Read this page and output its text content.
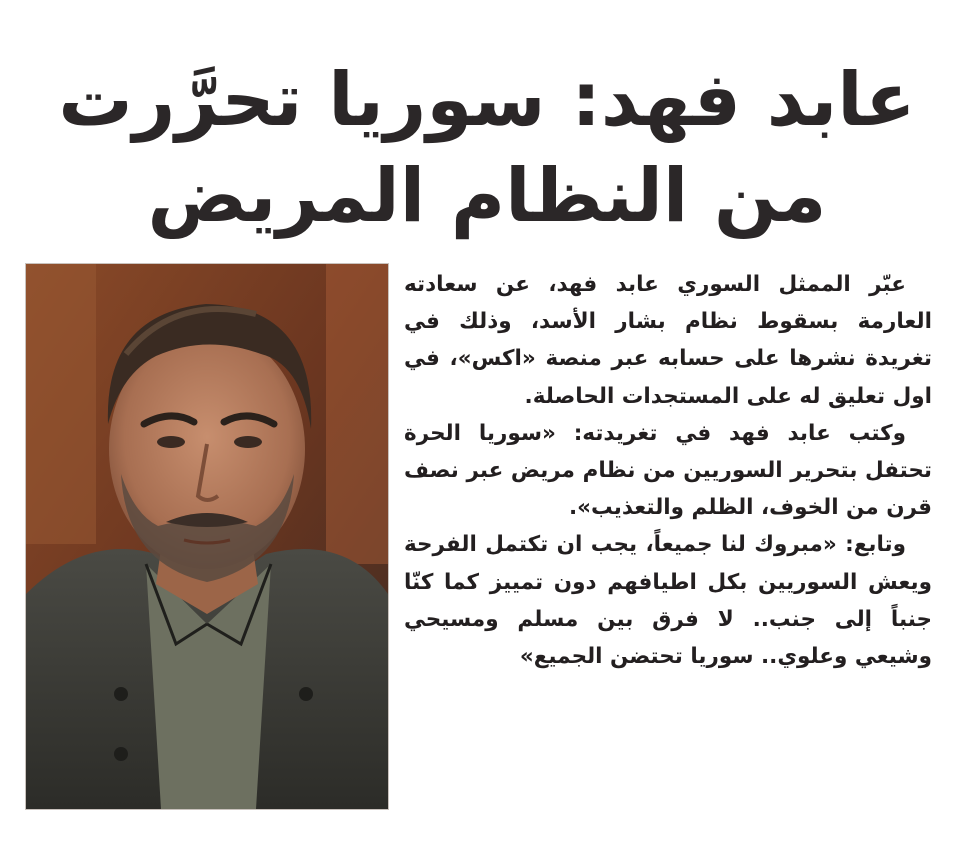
عابد فهد: سوريا تحرَّرت
من النظام المريض

عبّر الممثل السوري عابد فهد، عن سعادته العارمة بسقوط نظام بشار الأسد، وذلك في تغريدة نشرها على حسابه عبر منصة «اكس»، في اول تعليق له على المستجدات الحاصلة.

وكتب عابد فهد في تغريدته: «سوريا الحرة تحتفل بتحرير السوريين من نظام مريض عبر نصف قرن من الخوف، الظلم والتعذيب».

وتابع: «مبروك لنا جميعاً، يجب ان تكتمل الفرحة ويعش السوريين بكل اطيافهم دون تمييز كما كنّا جنباً إلى جنب.. لا فرق بين مسلم ومسيحي وشيعي وعلوي.. سوريا تحتضن الجميع»
